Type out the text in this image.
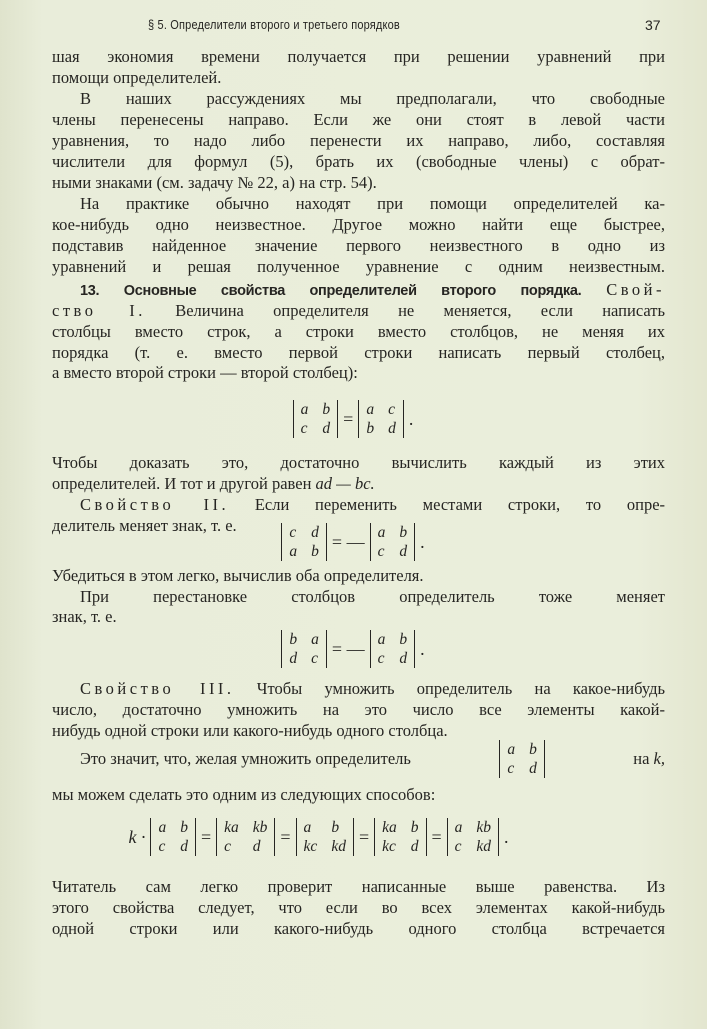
§ 5. Определители второго и третьего порядков	37
шая экономия времени получается при решении уравнений при
помощи определителей.
В наших рассуждениях мы предполагали, что свободные
члены перенесены направо. Если же они стоят в левой части
уравнения, то надо либо перенести их направо, либо, составляя
числители для формул (5), брать их (свободные члены) с обрат-
ными знаками (см. задачу № 22, а) на стр. 54).
На практике обычно находят при помощи определителей ка-
кое-нибудь одно неизвестное. Другое можно найти еще быстрее,
подставив найденное значение первого неизвестного в одно из
уравнений и решая полученное уравнение с одним неизвестным.
13. Основные свойства определителей второго порядка. Свой-
ство I. Величина определителя не меняется, если написать
столбцы вместо строк, а строки вместо столбцов, не меняя их
порядка (т. е. вместо первой строки написать первый столбец,
а вместо второй строки — второй столбец):
a b
c d = a c
b d .
Чтобы доказать это, достаточно вычислить каждый из этих
определителей. И тот и другой равен ad — bc.
Свойство II. Если переменить местами строки, то опре-
делитель меняет знак, т. е.	c d
a b = — a b
c d .
Убедиться в этом легко, вычислив оба определителя.
При перестановке столбцов определитель тоже меняет
знак, т. е.
b a
d c = — a b
c d .
Свойство III. Чтобы умножить определитель на какое-нибудь
число, достаточно умножить на это число все элементы какой-
нибудь одной строки или какого-нибудь одного столбца.
Это значит, что, желая умножить определитель	a b
c d
на k,
мы можем сделать это одним из следующих способов:
k · a b
c d = ka kb
c	d	= a	b
kc kd = ka b
kc d = a kb
c kd .
Читатель сам легко проверит написанные выше равенства. Из
этого свойства следует, что если во всех элементах какой-нибудь
одной строки или какого-нибудь одного столбца встречается
